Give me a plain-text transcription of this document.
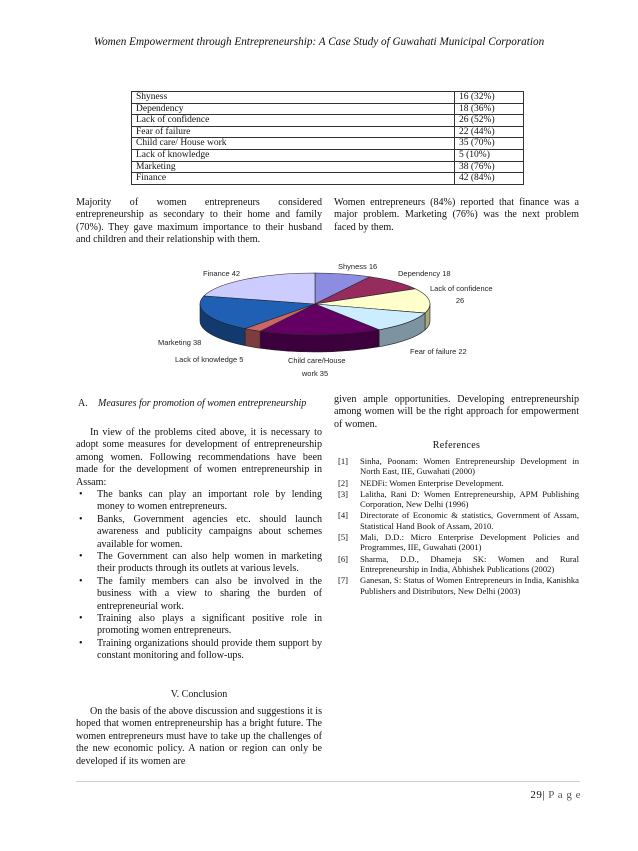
Women Empowerment through Entrepreneurship: A Case Study of Guwahati Municipal Corporation
Shyness	16 (32%)
Dependency	18 (36%)
Lack of confidence	26 (52%)
Fear of failure	22 (44%)
Child care/ House work	35 (70%)
Lack of knowledge	5 (10%)
Marketing	38 (76%)
Finance	42 (84%)
Majority of women entrepreneurs considered entrepreneurship as secondary to their home and family (70%). They gave maximum importance to their husband and children and their relationship with them.
Women entrepreneurs (84%) reported that finance was a major problem. Marketing (76%) was the next problem faced by them.
Shyness 16
Dependency 18
Lack of confidence
26
Fear of failure 22
Child care/House
work 35
Lack of knowledge 5
Marketing 38
Finance 42
A. Measures for promotion of women entrepreneurship
In view of the problems cited above, it is necessary to adopt some measures for development of entrepreneurship among women. Following recommendations have been made for the development of women entrepreneurship in Assam:
• The banks can play an important role by lending money to women entrepreneurs.
• Banks, Government agencies etc. should launch awareness and publicity campaigns about schemes available for women.
• The Government can also help women in marketing their products through its outlets at various levels.
• The family members can also be involved in the business with a view to sharing the burden of entrepreneurial work.
• Training also plays a significant positive role in promoting women entrepreneurs.
• Training organizations should provide them support by constant monitoring and follow-ups.
V. Conclusion
On the basis of the above discussion and suggestions it is hoped that women entrepreneurship has a bright future. The women entrepreneurs must have to take up the challenges of the new economic policy. A nation or region can only be developed if its women are
given ample opportunities. Developing entrepreneurship among women will be the right approach for empowerment of women.
References
[1] Sinha, Poonam: Women Entrepreneurship Development in North East, IIE, Guwahati (2000)
[2] NEDFi: Women Enterprise Development.
[3] Lalitha, Rani D: Women Entrepreneurship, APM Publishing Corporation, New Delhi (1996)
[4] Directorate of Economic & statistics, Government of Assam, Statistical Hand Book of Assam, 2010.
[5] Mali, D.D.: Micro Enterprise Development Policies and Programmes, IIE, Guwahati (2001)
[6] Sharma, D.D., Dhameja SK: Women and Rural Entrepreneurship in India, Abhishek Publications (2002)
[7] Ganesan, S: Status of Women Entrepreneurs in India, Kanishka Publishers and Distributors, New Delhi (2003)
29| P a g e
